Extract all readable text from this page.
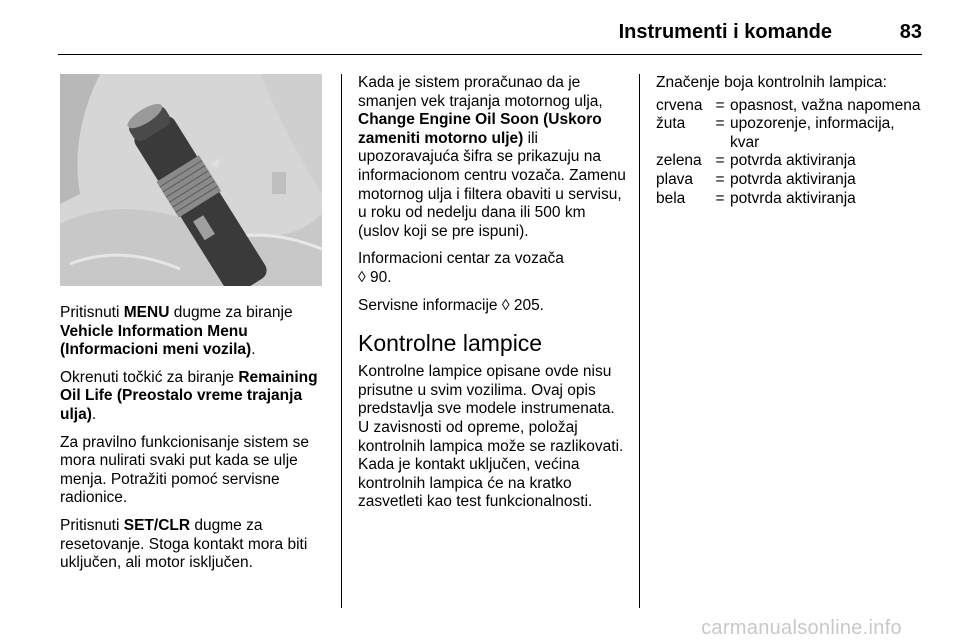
Instrumenti i komande	83

Pritisnuti MENU dugme za biranje Vehicle Information Menu (Informacioni meni vozila).

Okrenuti točkić za biranje Remaining Oil Life (Preostalo vreme trajanja ulja).

Za pravilno funkcionisanje sistem se mora nulirati svaki put kada se ulje menja. Potražiti pomoć servisne radionice.

Pritisnuti SET/CLR dugme za resetovanje. Stoga kontakt mora biti uključen, ali motor isključen.

Kada je sistem proračunao da je smanjen vek trajanja motornog ulja, Change Engine Oil Soon (Uskoro zameniti motorno ulje) ili upozoravajuća šifra se prikazuju na informacionom centru vozača. Zamenu motornog ulja i filtera obaviti u servisu, u roku od nedelju dana ili 500 km (uslov koji se pre ispuni).

Informacioni centar za vozača
◊ 90.

Servisne informacije ◊ 205.

Kontrolne lampice

Kontrolne lampice opisane ovde nisu prisutne u svim vozilima. Ovaj opis predstavlja sve modele instrumenata. U zavisnosti od opreme, položaj kontrolnih lampica može se razlikovati. Kada je kontakt uključen, većina kontrolnih lampica će na kratko zasvetleti kao test funkcionalnosti.

Značenje boja kontrolnih lampica:

crvena	=	opasnost, važna napomena
žuta	=	upozorenje, informacija, kvar
zelena	=	potvrda aktiviranja
plava	=	potvrda aktiviranja
bela	=	potvrda aktiviranja
carmanualsonline.info
